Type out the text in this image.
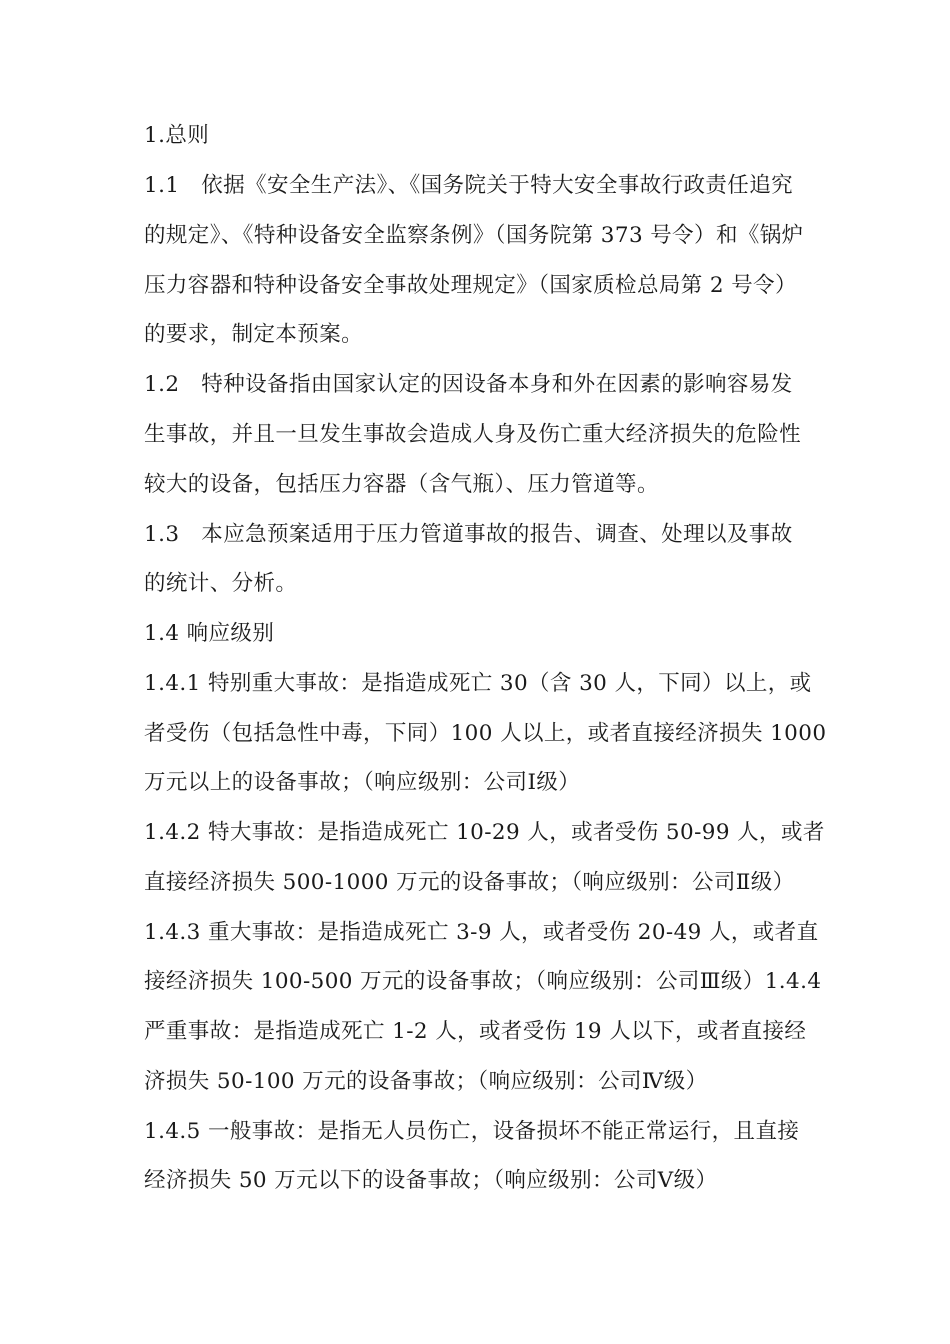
1.总则
1.1　依据《安全生产法》、《国务院关于特大安全事故行政责任追究
的规定》、《特种设备安全监察条例》（国务院第 373 号令）和《锅炉
压力容器和特种设备安全事故处理规定》（国家质检总局第 2 号令）
的要求，制定本预案。
1.2　特种设备指由国家认定的因设备本身和外在因素的影响容易发
生事故，并且一旦发生事故会造成人身及伤亡重大经济损失的危险性
较大的设备，包括压力容器（含气瓶）、压力管道等。
1.3　本应急预案适用于压力管道事故的报告、调查、处理以及事故
的统计、分析。
1.4 响应级别
1.4.1 特别重大事故：是指造成死亡 30（含 30 人，下同）以上，或
者受伤（包括急性中毒，下同）100 人以上，或者直接经济损失 1000
万元以上的设备事故；（响应级别：公司Ⅰ级）
1.4.2 特大事故：是指造成死亡 10-29 人，或者受伤 50-99 人，或者
直接经济损失 500-1000 万元的设备事故；（响应级别：公司Ⅱ级）
1.4.3 重大事故：是指造成死亡 3-9 人，或者受伤 20-49 人，或者直
接经济损失 100-500 万元的设备事故；（响应级别：公司Ⅲ级）1.4.4
严重事故：是指造成死亡 1-2 人，或者受伤 19 人以下，或者直接经
济损失 50-100 万元的设备事故；（响应级别：公司Ⅳ级）
1.4.5 一般事故：是指无人员伤亡，设备损坏不能正常运行，且直接
经济损失 50 万元以下的设备事故；（响应级别：公司Ⅴ级）
